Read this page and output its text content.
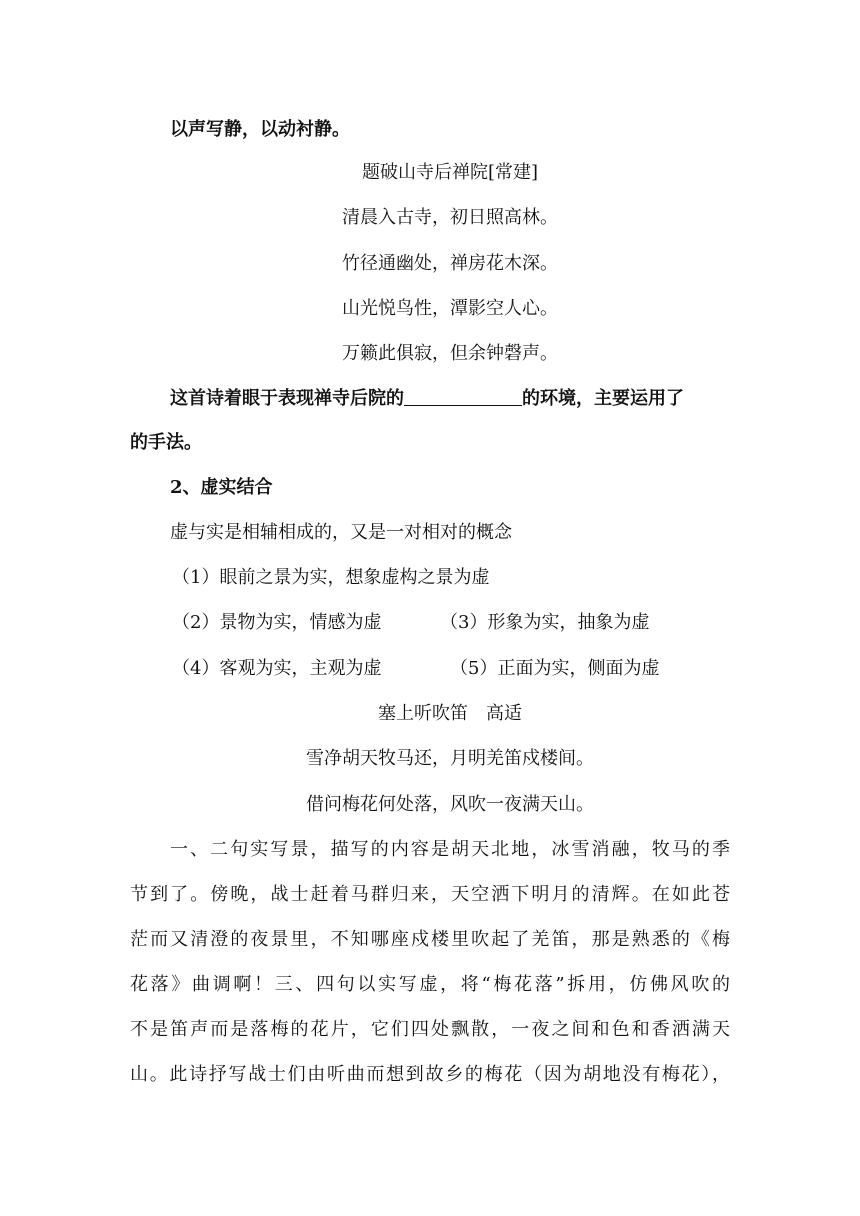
以声写静，以动衬静。
题破山寺后禅院[常建]
清晨入古寺，初日照高林。
竹径通幽处，禅房花木深。
山光悦鸟性，潭影空人心。
万籁此俱寂，但余钟磬声。
这首诗着眼于表现禅寺后院的	的环境，主要运用了
的手法。
2、虚实结合
虚与实是相辅相成的，又是一对相对的概念
（1）眼前之景为实，想象虚构之景为虚
（2）景物为实，情感为虚	（3）形象为实，抽象为虚
（4）客观为实，主观为虚	（5）正面为实，侧面为虚
塞上听吹笛　高适
雪净胡天牧马还，月明羌笛戍楼间。
借问梅花何处落，风吹一夜满天山。
一、二句实写景，描写的内容是胡天北地，冰雪消融，牧马的季
节到了。傍晚，战士赶着马群归来，天空洒下明月的清辉。在如此苍
茫而又清澄的夜景里，不知哪座戍楼里吹起了羌笛，那是熟悉的《梅
花落》曲调啊！三、四句以实写虚，将“梅花落”拆用，仿佛风吹的
不是笛声而是落梅的花片，它们四处飘散，一夜之间和色和香洒满天
山。此诗抒写战士们由听曲而想到故乡的梅花（因为胡地没有梅花），
